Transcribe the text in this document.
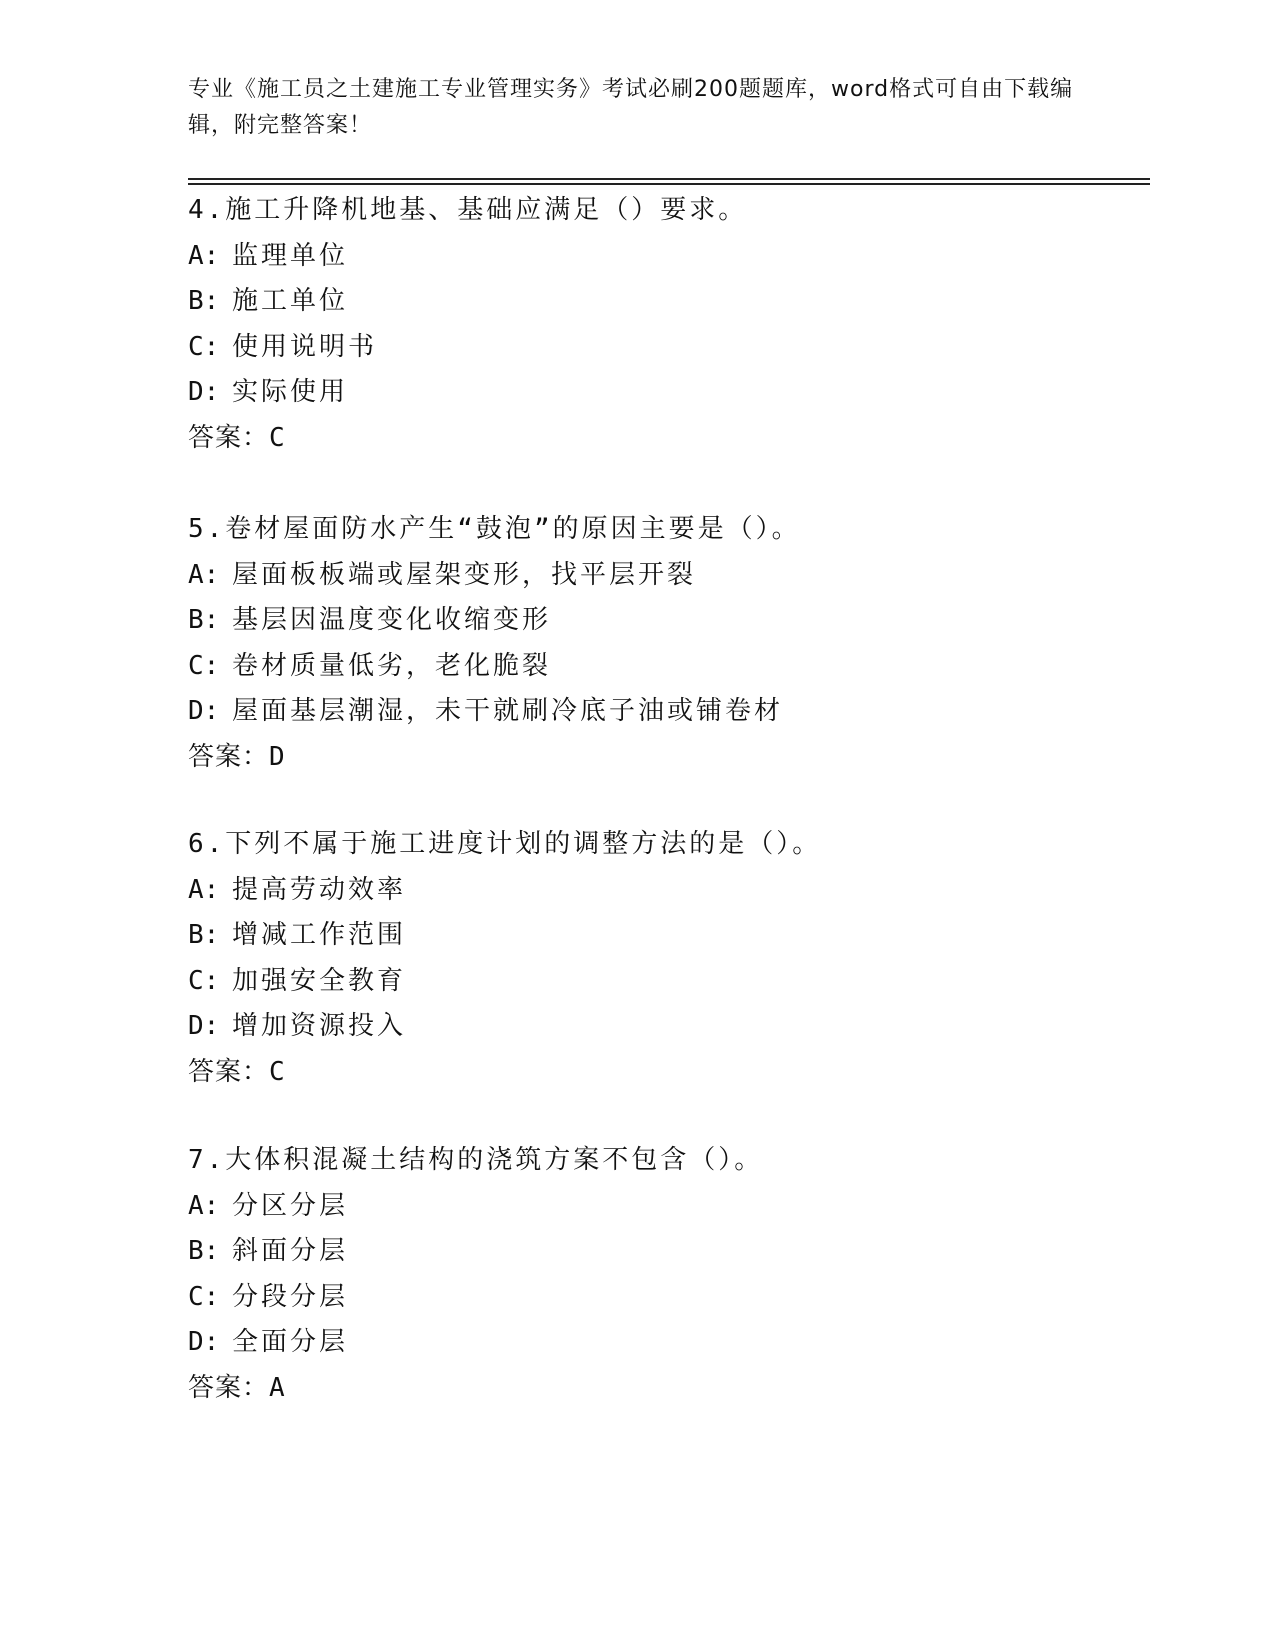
专业《施工员之土建施工专业管理实务》考试必刷200题题库，word格式可自由下载编辑，附完整答案！
4.施工升降机地基、基础应满足（）要求。
A: 监理单位
B: 施工单位
C: 使用说明书
D: 实际使用
答案：C
5.卷材屋面防水产生“鼓泡”的原因主要是（）。
A: 屋面板板端或屋架变形，找平层开裂
B: 基层因温度变化收缩变形
C: 卷材质量低劣，老化脆裂
D: 屋面基层潮湿，未干就刷冷底子油或铺卷材
答案：D
6.下列不属于施工进度计划的调整方法的是（）。
A: 提高劳动效率
B: 增减工作范围
C: 加强安全教育
D: 增加资源投入
答案：C
7.大体积混凝土结构的浇筑方案不包含（）。
A: 分区分层
B: 斜面分层
C: 分段分层
D: 全面分层
答案：A
